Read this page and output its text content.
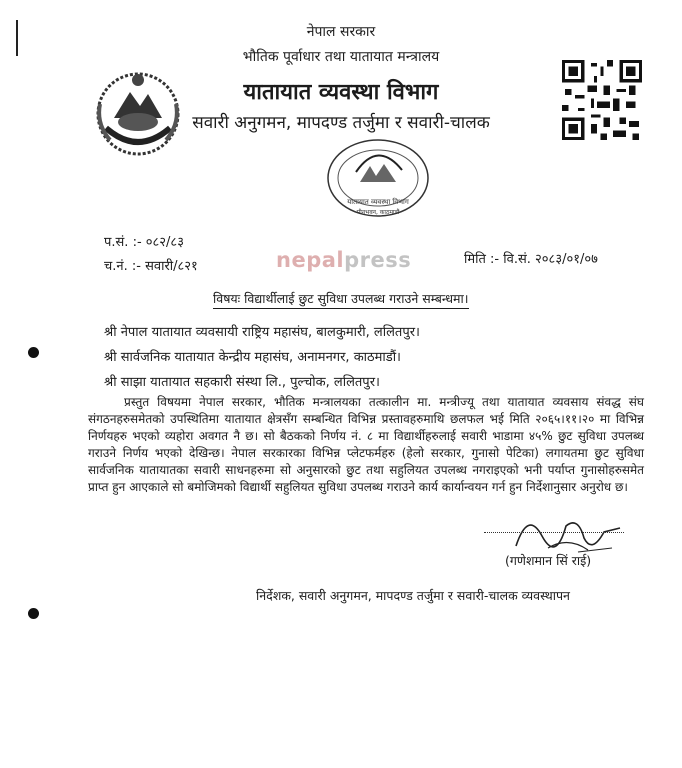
नेपाल सरकार
भौतिक पूर्वाधार तथा यातायात मन्त्रालय
यातायात व्यवस्था विभाग
सवारी अनुगमन, मापदण्ड तर्जुमा र सवारी-चालक
यातायात व्यवस्था विभाग
मीनभवन, काठमाडौं
प.सं. :- ०८२/८३
च.नं. :- सवारी/८२१	मिति :- वि.सं. २०८३/०१/०७
nepalpress
विषयः विद्यार्थीलाई छुट सुविधा उपलब्ध गराउने सम्बन्धमा।
श्री नेपाल यातायात व्यवसायी राष्ट्रिय महासंघ, बालकुमारी, ललितपुर।
श्री सार्वजनिक यातायात केन्द्रीय महासंघ, अनामनगर, काठमाडौं।
श्री साझा यातायात सहकारी संस्था लि., पुल्चोक, ललितपुर।
प्रस्तुत विषयमा नेपाल सरकार, भौतिक मन्त्रालयका तत्कालीन मा. मन्त्रीज्यू तथा यातायात व्यवसाय संवद्ध संघ संगठनहरुसमेतको उपस्थितिमा यातायात क्षेत्रसँग सम्बन्धित विभिन्न प्रस्तावहरुमाथि छलफल भई मिति २०६५।११।२० मा विभिन्न निर्णयहरु भएको व्यहोरा अवगत नै छ। सो बैठकको निर्णय नं. ८ मा विद्यार्थीहरुलाई सवारी भाडामा ४५% छुट सुविधा उपलब्ध गराउने निर्णय भएको देखिन्छ। नेपाल सरकारका विभिन्न प्लेटफर्महरु (हेलो सरकार, गुनासो पेटिका) लगायतमा छुट सुविधा सार्वजनिक यातायातका सवारी साधनहरुमा सो अनुसारको छुट तथा सहुलियत उपलब्ध नगराइएको भनी पर्याप्त गुनासोहरुसमेत प्राप्त हुन आएकाले सो बमोजिमको विद्यार्थी सहुलियत सुविधा उपलब्ध गराउने कार्य कार्यान्वयन गर्न हुन निर्देशानुसार अनुरोध छ।
(गणेशमान सिं राई)
निर्देशक, सवारी अनुगमन, मापदण्ड तर्जुमा र सवारी-चालक व्यवस्थापन
